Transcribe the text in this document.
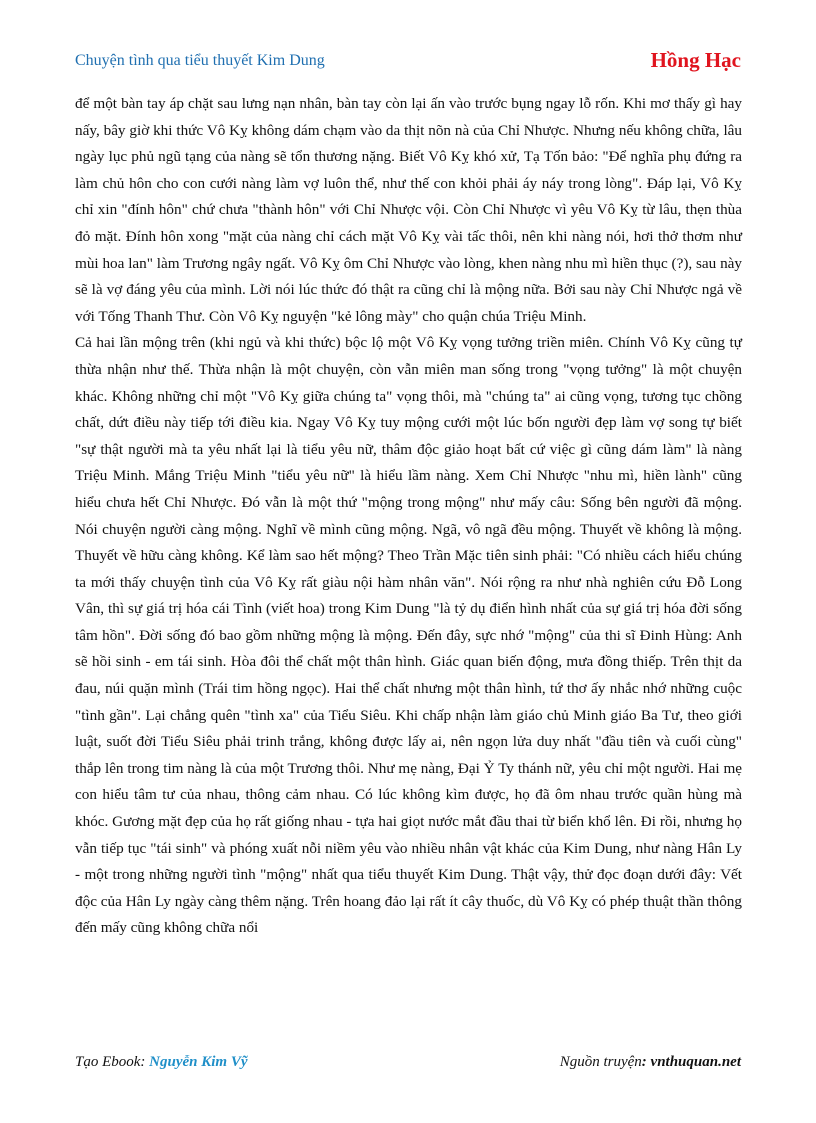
Chuyện tình qua tiểu thuyết Kim Dung	Hồng Hạc

để một bàn tay áp chặt sau lưng nạn nhân, bàn tay còn lại ấn vào trước bụng ngay lỗ rốn. Khi mơ thấy gì hay nấy, bây giờ khi thức Vô Kỵ không dám chạm vào da thịt nõn nà của Chỉ Nhược. Nhưng nếu không chữa, lâu ngày lục phủ ngũ tạng của nàng sẽ tổn thương nặng. Biết Vô Kỵ khó xử, Tạ Tốn bảo: "Để nghĩa phụ đứng ra làm chủ hôn cho con cưới nàng làm vợ luôn thể, như thế con khỏi phải áy náy trong lòng". Đáp lại, Vô Kỵ chỉ xin "đính hôn" chứ chưa "thành hôn" với Chỉ Nhược vội. Còn Chỉ Nhược vì yêu Vô Kỵ từ lâu, thẹn thùa đỏ mặt. Đính hôn xong "mặt của nàng chỉ cách mặt Vô Kỵ vài tấc thôi, nên khi nàng nói, hơi thở thơm như mùi hoa lan" làm Trương ngây ngất. Vô Kỵ ôm Chỉ Nhược vào lòng, khen nàng nhu mì hiền thục (?), sau này sẽ là vợ đáng yêu của mình. Lời nói lúc thức đó thật ra cũng chỉ là mộng nữa. Bởi sau này Chỉ Nhược ngả về với Tống Thanh Thư. Còn Vô Kỵ nguyện "kẻ lông mày" cho quận chúa Triệu Minh.

Cả hai lần mộng trên (khi ngủ và khi thức) bộc lộ một Vô Kỵ vọng tưởng triền miên. Chính Vô Kỵ cũng tự thừa nhận như thế. Thừa nhận là một chuyện, còn vẫn miên man sống trong "vọng tưởng" là một chuyện khác. Không những chỉ một "Vô Kỵ giữa chúng ta" vọng thôi, mà "chúng ta" ai cũng vọng, tương tục chồng chất, dứt điều này tiếp tới điều kia. Ngay Vô Kỵ tuy mộng cưới một lúc bốn người đẹp làm vợ song tự biết "sự thật người mà ta yêu nhất lại là tiểu yêu nữ, thâm độc giảo hoạt bất cứ việc gì cũng dám làm" là nàng Triệu Minh. Mắng Triệu Minh "tiểu yêu nữ" là hiểu lầm nàng. Xem Chỉ Nhược "nhu mì, hiền lành" cũng hiểu chưa hết Chỉ Nhược. Đó vẫn là một thứ "mộng trong mộng" như mấy câu: Sống bên người đã mộng. Nói chuyện người càng mộng. Nghĩ về mình cũng mộng. Ngã, vô ngã đều mộng. Thuyết về không là mộng. Thuyết về hữu càng không. Kể làm sao hết mộng? Theo Trần Mặc tiên sinh phải: "Có nhiều cách hiểu chúng ta mới thấy chuyện tình của Vô Kỵ rất giàu nội hàm nhân văn". Nói rộng ra như nhà nghiên cứu Đỗ Long Vân, thì sự giá trị hóa cái Tình (viết hoa) trong Kim Dung "là tỷ dụ điển hình nhất của sự giá trị hóa đời sống tâm hồn". Đời sống đó bao gồm những mộng là mộng. Đến đây, sực nhớ "mộng" của thi sĩ Đinh Hùng: Anh sẽ hồi sinh - em tái sinh. Hòa đôi thể chất một thân hình. Giác quan biến động, mưa đồng thiếp. Trên thịt da đau, núi quặn mình (Trái tim hồng ngọc). Hai thể chất nhưng một thân hình, tứ thơ ấy nhắc nhớ những cuộc "tình gần". Lại chẳng quên "tình xa" của Tiểu Siêu. Khi chấp nhận làm giáo chủ Minh giáo Ba Tư, theo giới luật, suốt đời Tiểu Siêu phải trinh trắng, không được lấy ai, nên ngọn lửa duy nhất "đầu tiên và cuối cùng" thắp lên trong tim nàng là của một Trương thôi. Như mẹ nàng, Đại Ỷ Ty thánh nữ, yêu chỉ một người. Hai mẹ con hiểu tâm tư của nhau, thông cảm nhau. Có lúc không kìm được, họ đã ôm nhau trước quần hùng mà khóc. Gương mặt đẹp của họ rất giống nhau - tựa hai giọt nước mắt đầu thai từ biển khổ lên. Đi rồi, nhưng họ vẫn tiếp tục "tái sinh" và phóng xuất nỗi niềm yêu vào nhiều nhân vật khác của Kim Dung, như nàng Hân Ly - một trong những người tình "mộng" nhất qua tiểu thuyết Kim Dung. Thật vậy, thử đọc đoạn dưới đây: Vết độc của Hân Ly ngày càng thêm nặng. Trên hoang đảo lại rất ít cây thuốc, dù Vô Kỵ có phép thuật thần thông đến mấy cũng không chữa nổi

Tạo Ebook: Nguyễn Kim Vỹ	Nguồn truyện: vnthuquan.net
